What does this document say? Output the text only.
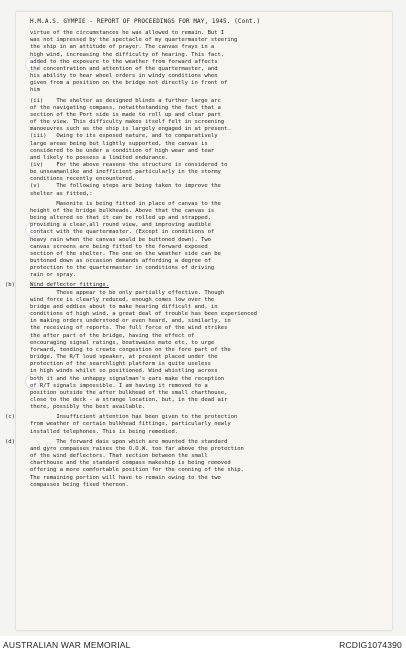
H.M.A.S. GYMPIE - REPORT OF PROCEEDINGS FOR MAY, 1945. (Cont.)
virtue of the circumstances he was allowed to remain. But I
was not impressed by the spectacle of my quartermaster steering
the ship in an attitude of prayer. The canvas frays in a
high wind, increasing the difficulty of hearing. This fact,
added to the exposure to the weather from forward affects
the concentration and attention of the quartermaster, and
his ability to hear wheel orders in windy conditions when
given from a position on the bridge not directly in front of
him
(ii)    The shelter as designed blinds a further large arc
of the navigating compass, notwithstanding the fact that a
section of the Port side is made to roll up and clear part
of the view. This difficulty makes itself felt in screening
manoeuvres such as the ship is largely engaged in at present.
(iii)   Owing to its exposed nature, and to comparatively
large areas being but lightly supported, the canvas is
considered to be under a condition of high wear and tear
and likely to possess a limited endurance.
(iv)    For the above reasons the structure is considered to
be unseamanlike and inefficient particularly in the stormy
conditions recently encountered.
(v)     The following steps are being taken to improve the
shelter as fitted,:
Masonite is being fitted in place of canvas to the
height of the bridge bulkheads. Above that the canvas is
being altered so that it can be rolled up and strapped,
providing a clear,all round view, and improving audible
contact with the quartermaster. (Except in conditions of
heavy rain when the canvas would be buttoned down). Two
canvas screens are being fitted to the forward exposed
section of the shelter. The one on the weather side can be
buttoned down as occasion demands affording a degree of
protection to the quartermaster in conditions of driving
rain or spray.
(b)	Wind deflector fittings.
These appear to be only partially effective. Though
wind force is clearly reduced, enough comes low over the
bridge and eddies about to make hearing difficult and, in
conditions of high wind, a great deal of trouble has been experienced
in making orders understood or even heard, and, similarly, in
the receiving of reports. The full force of the wind strikes
the after part of the bridge, having the effect of
encouraging signal ratings, boatswains mate etc, to urge
forward, tending to create congestion on the fore part of the
bridge. The R/T loud speaker, at present placed under the
protection of the searchlight platform is quite useless
in high winds whilst so positioned. Wind whistling across
both it and the unhappy signalman's ears make the reception
of R/T signals impossible. I am having it removed to a
position outside the after bulkhead of the small charthouse,
close to the deck - a strange location, but, in the dead air
there, possibly the best available.
(c)	Insufficient attention has been given to the protection
from weather of certain bulkhead fittings, particularly newly
installed telephones. This is being remedied.
(d)	The forward dais upon which are mounted the standard
and gyro compasses raises the O.O.W. too far above the protection
of the wind deflectors. That section between the small
charthouse and the standard compass makeship is being removed
offering a more comfortable position for the conning of the ship.
The remaining portion will have to remain owing to the two
compasses being fixed thereon.
AUSTRALIAN WAR MEMORIAL	RCDIG1074390
